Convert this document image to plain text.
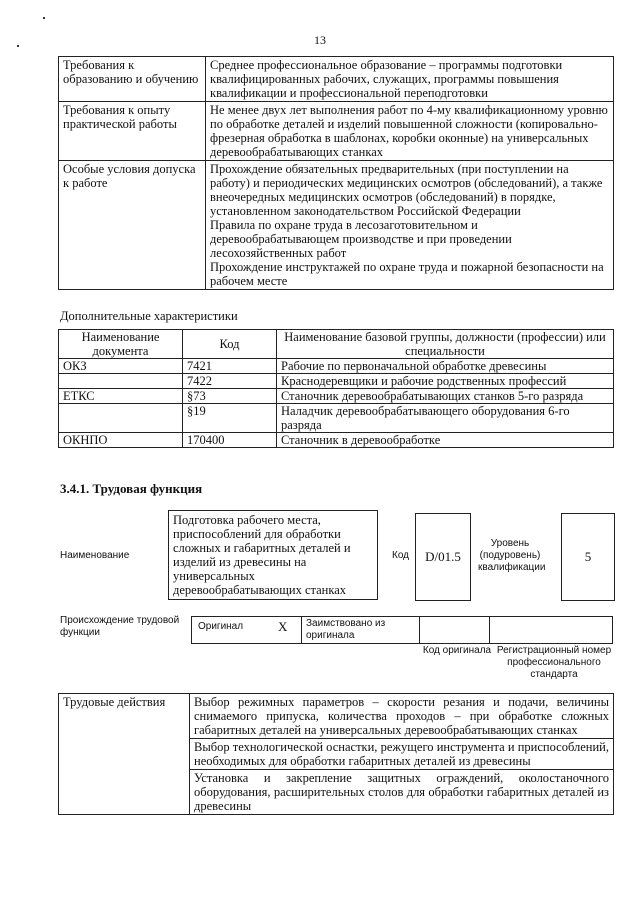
13
Требования к образованию и обучению	Среднее профессиональное образование – программы подготовки квалифицированных рабочих, служащих, программы повышения квалификации и профессиональной переподготовки
Требования к опыту практической работы	Не менее двух лет выполнения работ по 4-му квалификационному уровню по обработке деталей и изделий повышенной сложности (копировально-фрезерная обработка в шаблонах, коробки оконные) на универсальных деревообрабатывающих станках
Особые условия допуска к работе	Прохождение обязательных предварительных (при поступлении на работу) и периодических медицинских осмотров (обследований), а также внеочередных медицинских осмотров (обследований) в порядке, установленном законодательством Российской Федерации
Правила по охране труда в лесозаготовительном и деревообрабатывающем производстве и при проведении лесохозяйственных работ
Прохождение инструктажей по охране труда и пожарной безопасности на рабочем месте
Дополнительные характеристики
Наименование документа	Код	Наименование базовой группы, должности (профессии) или специальности
ОКЗ	7421	Рабочие по первоначальной обработке древесины
	7422	Краснодеревщики и рабочие родственных профессий
ЕТКС	§73	Станочник деревообрабатывающих станков 5-го разряда
	§19	Наладчик деревообрабатывающего оборудования 6-го разряда
ОКНПО	170400	Станочник в деревообработке
3.4.1. Трудовая функция
Наименование
Подготовка рабочего места, приспособлений для обработки сложных и габаритных деталей и изделий из древесины на универсальных деревообрабатывающих станках
Код	D/01.5
Уровень (подуровень) квалификации
5
Происхождение трудовой функции
Оригинал	X	Заимствовано из оригинала
Код оригинала Регистрационный номер профессионального стандарта
Трудовые действия	Выбор режимных параметров – скорости резания и подачи, величины снимаемого припуска, количества проходов – при обработке сложных габаритных деталей на универсальных деревообрабатывающих станках
Выбор технологической оснастки, режущего инструмента и приспособлений, необходимых для обработки габаритных деталей из древесины
Установка и закрепление защитных ограждений, околостаночного оборудования, расширительных столов для обработки габаритных деталей из древесины
